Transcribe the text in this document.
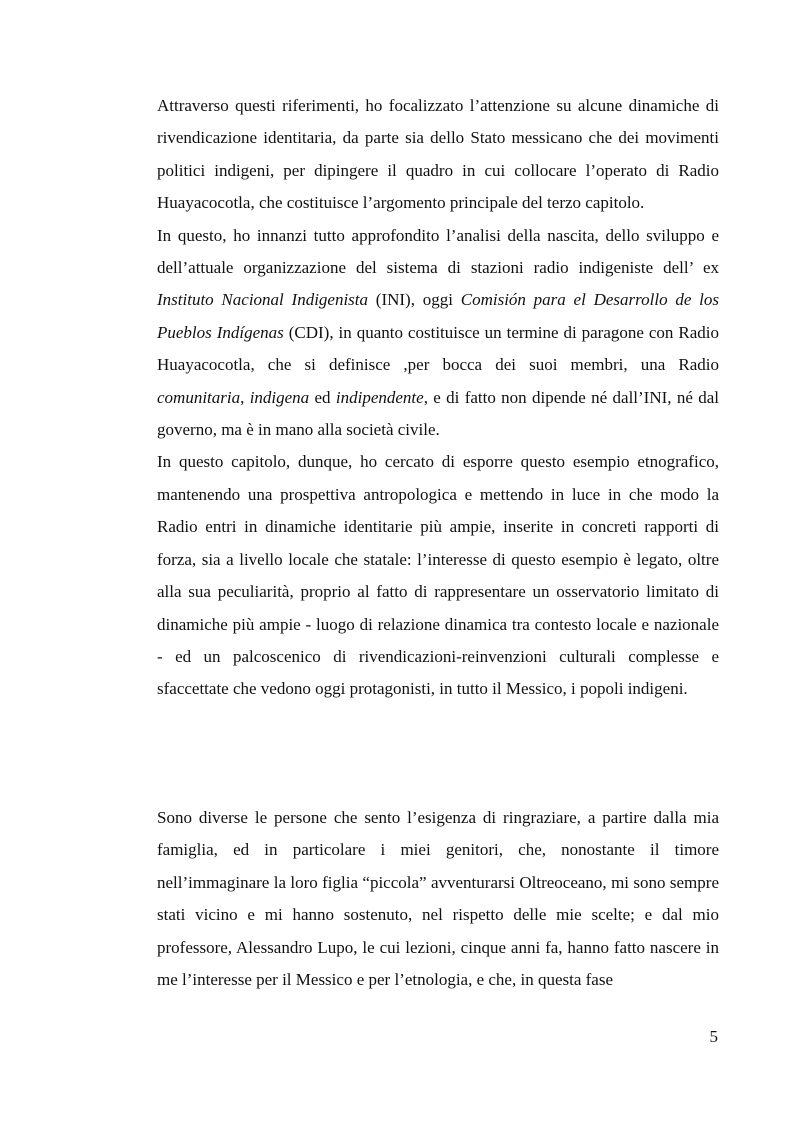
Attraverso questi riferimenti, ho focalizzato l’attenzione su alcune dinamiche di rivendicazione identitaria, da parte sia dello Stato messicano che dei movimenti politici indigeni, per dipingere il quadro in cui collocare l’operato di Radio Huayacocotla, che costituisce l’argomento principale del terzo capitolo.

In questo, ho innanzi tutto approfondito l’analisi della nascita, dello sviluppo e dell’attuale organizzazione del sistema di stazioni radio indigeniste dell’ ex Instituto Nacional Indigenista (INI), oggi Comisión para el Desarrollo de los Pueblos Indígenas (CDI), in quanto costituisce un termine di paragone con Radio Huayacocotla, che si definisce ,per bocca dei suoi membri, una Radio comunitaria, indigena ed indipendente, e di fatto non dipende né dall’INI, né dal governo, ma è in mano alla società civile.

In questo capitolo, dunque, ho cercato di esporre questo esempio etnografico, mantenendo una prospettiva antropologica e mettendo in luce in che modo la Radio entri in dinamiche identitarie più ampie, inserite in concreti rapporti di forza, sia a livello locale che statale: l’interesse di questo esempio è legato, oltre alla sua peculiarità, proprio al fatto di rappresentare un osservatorio limitato di dinamiche più ampie - luogo di relazione dinamica tra contesto locale e nazionale - ed un palcoscenico di rivendicazioni-reinvenzioni culturali complesse e sfaccettate che vedono oggi protagonisti, in tutto il Messico, i popoli indigeni.

Sono diverse le persone che sento l’esigenza di ringraziare, a partire dalla mia famiglia, ed in particolare i miei genitori, che, nonostante il timore nell’immaginare la loro figlia “piccola” avventurarsi Oltreoceano, mi sono sempre stati vicino e mi hanno sostenuto, nel rispetto delle mie scelte; e dal mio professore, Alessandro Lupo, le cui lezioni, cinque anni fa, hanno fatto nascere in me l’interesse per il Messico e per l’etnologia, e che, in questa fase

5
